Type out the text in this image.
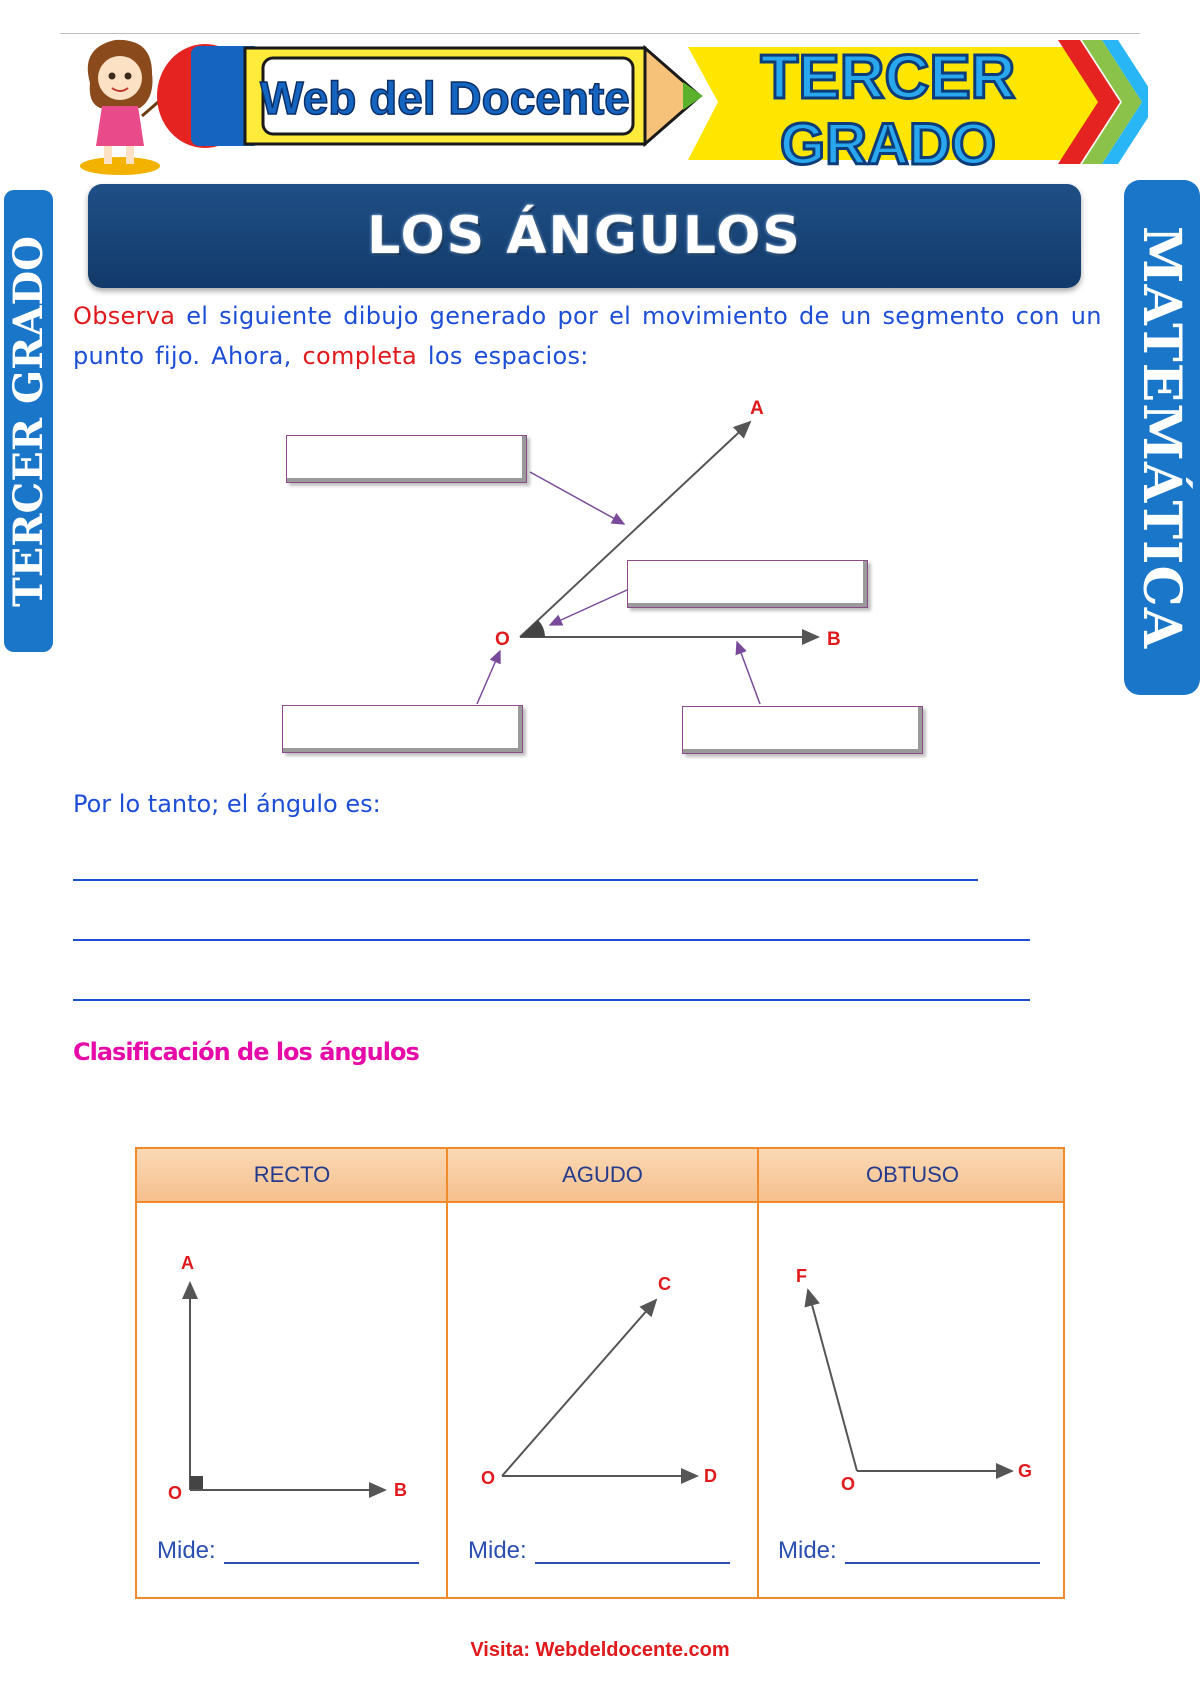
Web del Docente TERCER
GRADO
TERCER GRADO	MATEMÁTICA
LOS ÁNGULOS
Observa el siguiente dibujo generado por el movimiento de un segmento con un punto fijo. Ahora, completa los espacios:
A
B
O
A
B
O
C
D
O
F
G
O
Por lo tanto; el ángulo es:
Clasificación de los ángulos
RECTO	AGUDO	OBTUSO
Mide:	Mide:	Mide:
Visita: Webdeldocente.com
